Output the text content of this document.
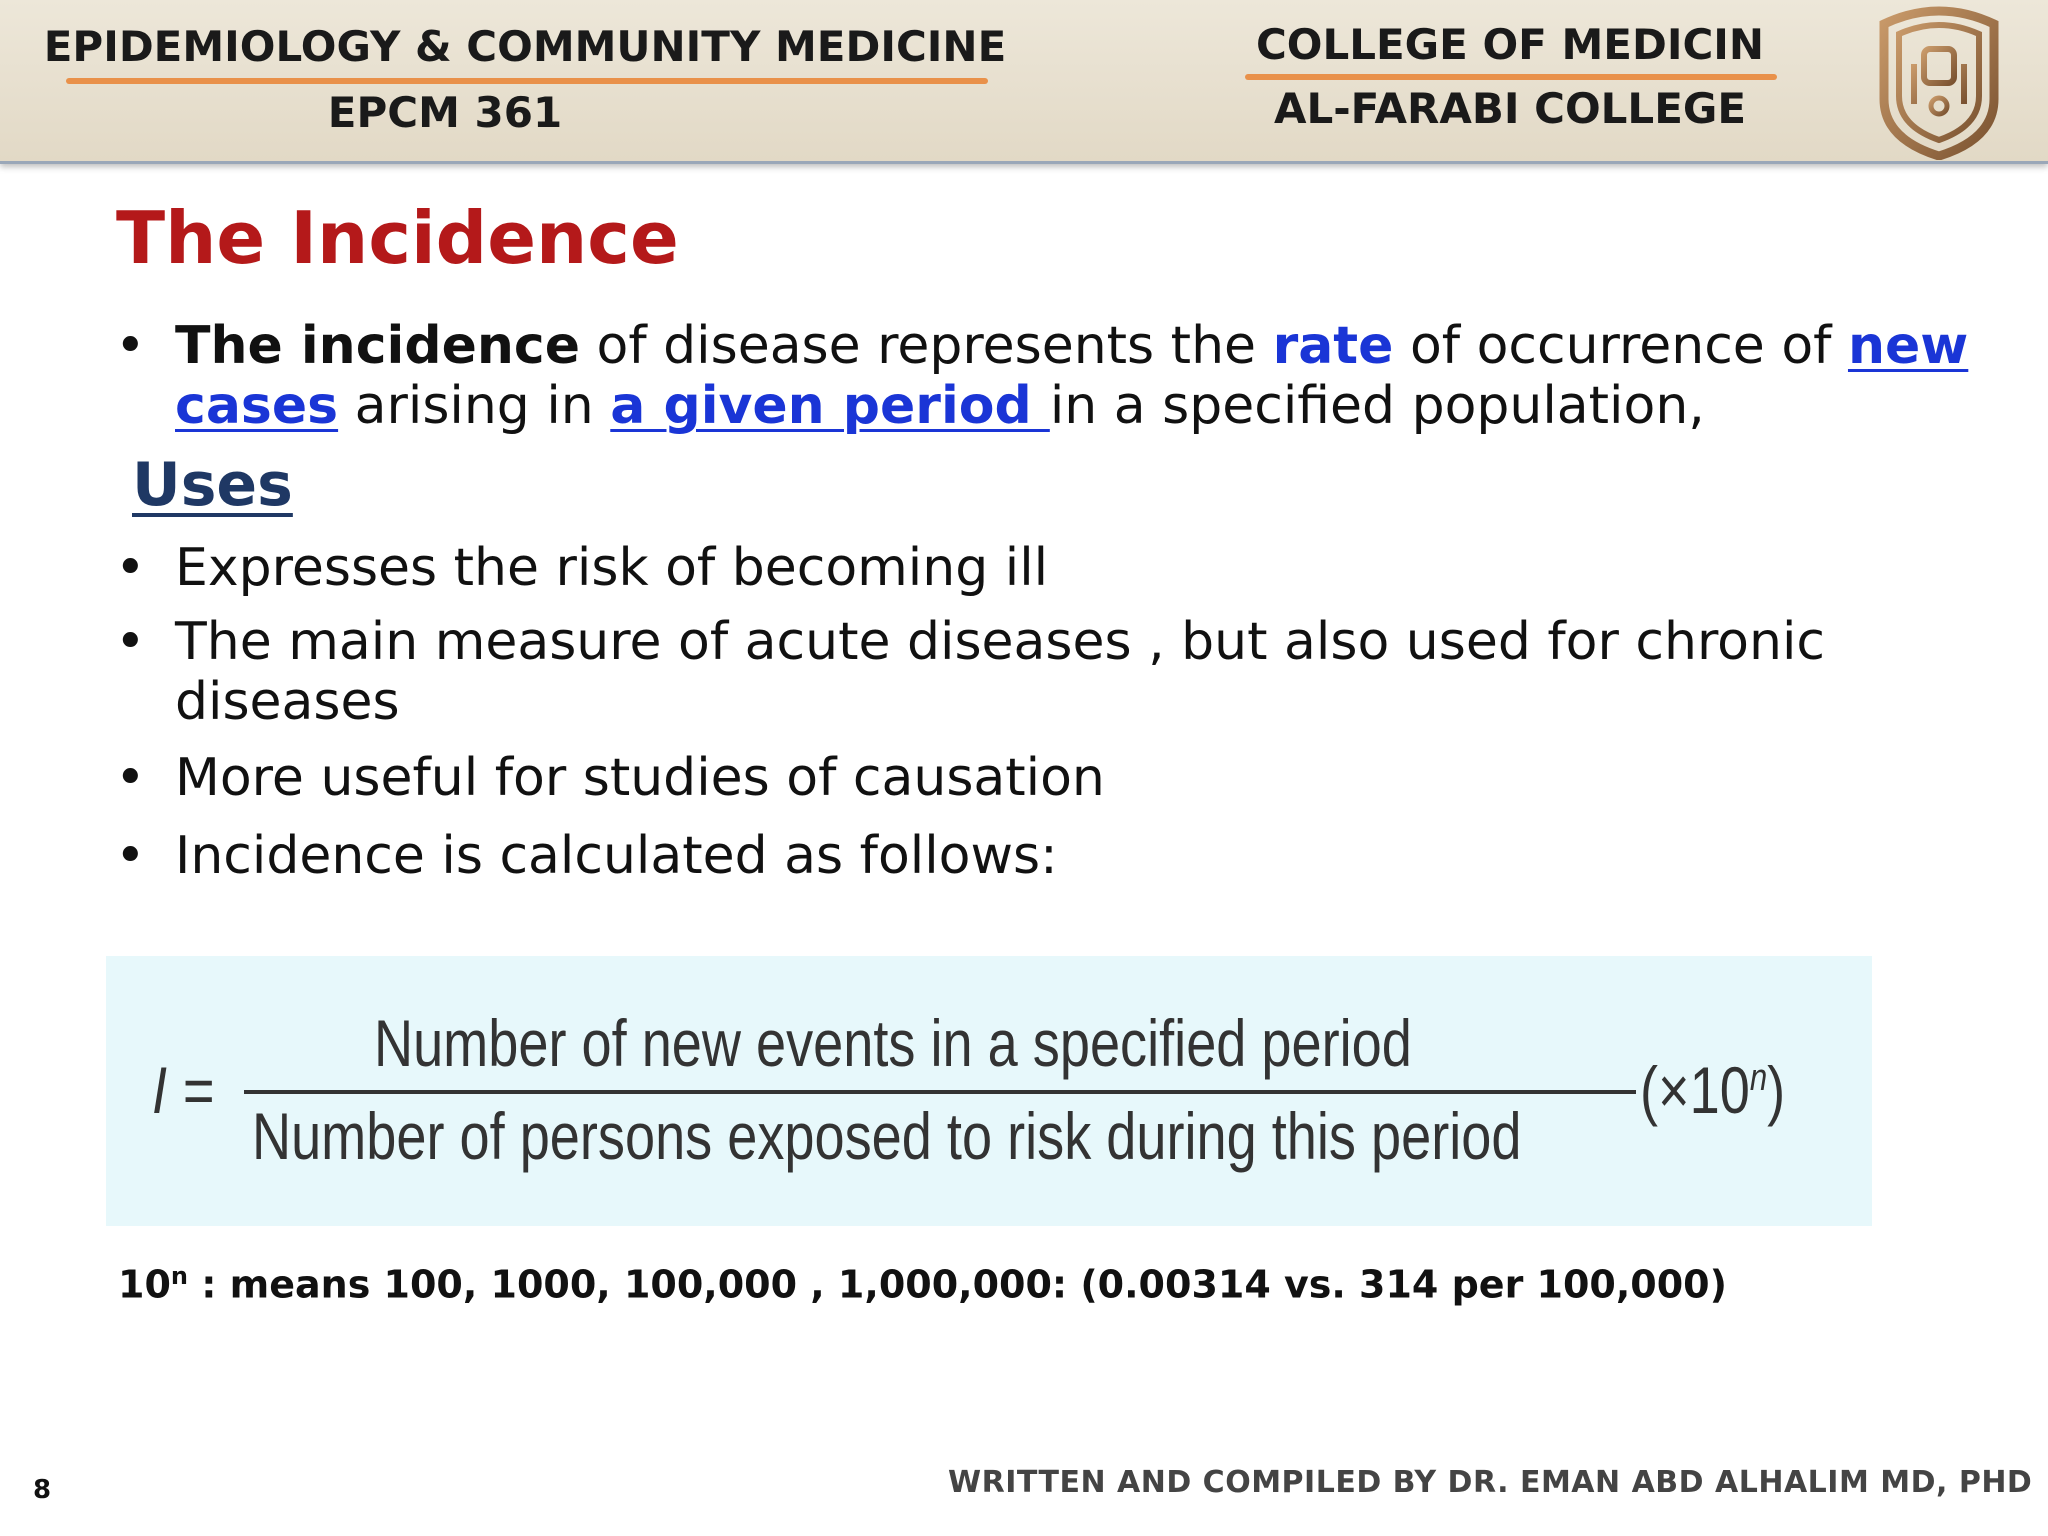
EPIDEMIOLOGY & COMMUNITY MEDICINE
EPCM 361
COLLEGE OF MEDICIN
AL-FARABI COLLEGE
The Incidence
• The incidence of disease represents the rate of occurrence of new
cases arising in a given period in a specified population,
Uses
• Expresses the risk of becoming ill
• The main measure of acute diseases , but also used for chronic
diseases
• More useful for studies of causation
• Incidence is calculated as follows:
I =
Number of new events in a specified period
Number of persons exposed to risk during this period
$(\times 10^n)$
10$^n$ : means 100, 1000, 100,000 , 1,000,000: (0.00314 vs. 314 per 100,000)
8	WRITTEN AND COMPILED BY DR. EMAN ABD ALHALIM MD, PHD
